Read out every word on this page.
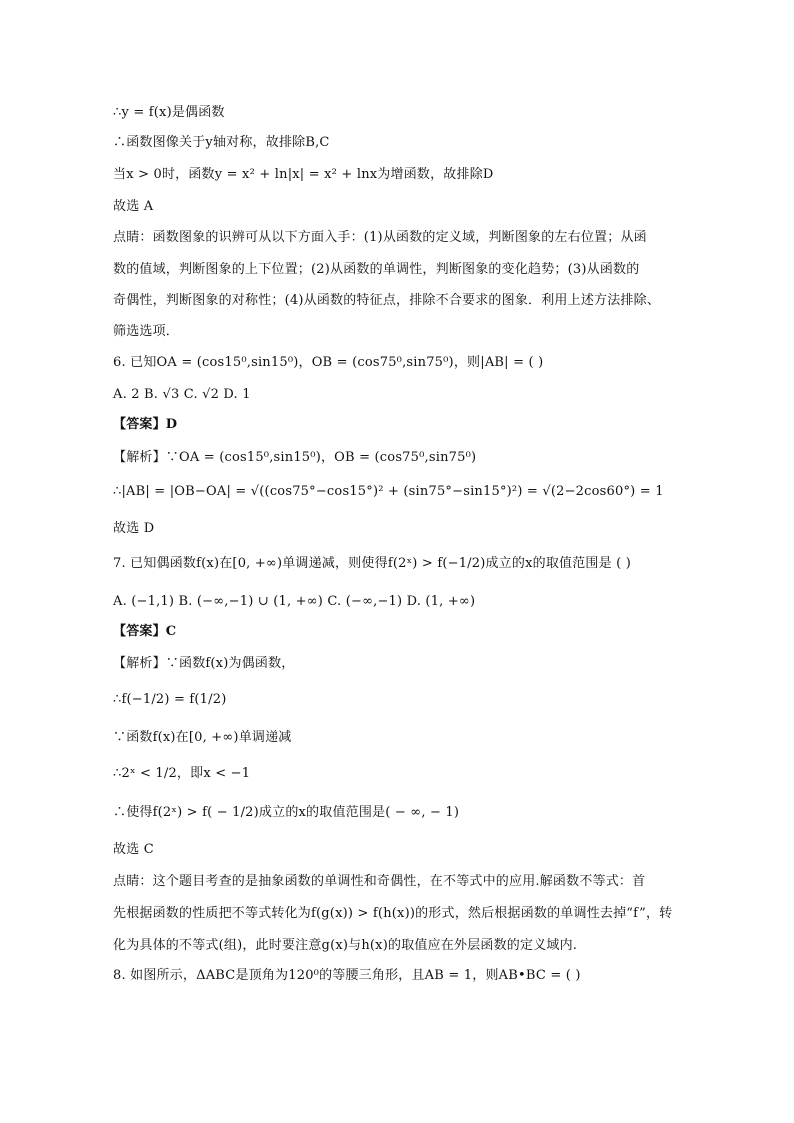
∴y = f(x)是偶函数
∴函数图像关于y轴对称，故排除B,C
当x > 0时，函数y = x² + ln|x| = x² + lnx为增函数，故排除D
故选 A
点睛：函数图象的识辨可从以下方面入手：(1)从函数的定义域，判断图象的左右位置；从函
数的值域，判断图象的上下位置；(2)从函数的单调性，判断图象的变化趋势；(3)从函数的
奇偶性，判断图象的对称性；(4)从函数的特征点，排除不合要求的图象．利用上述方法排除、
筛选选项．
6. 已知OA = (cos15⁰,sin15⁰)，OB = (cos75⁰,sin75⁰)，则|AB| = ( )
A. 2 B. √3 C. √2 D. 1
【答案】D
【解析】∵OA = (cos15⁰,sin15⁰)，OB = (cos75⁰,sin75⁰)
∴|AB| = |OB−OA| = √((cos75°−cos15°)² + (sin75°−sin15°)²) = √(2−2cos60°) = 1
故选 D
7. 已知偶函数f(x)在[0, +∞)单调递减，则使得f(2ˣ) > f(−1/2)成立的x的取值范围是 ( )
A. (−1,1) B. (−∞,−1) ∪ (1, +∞) C. (−∞,−1) D. (1, +∞)
【答案】C
【解析】∵函数f(x)为偶函数，
∴f(−1/2) = f(1/2)
∵函数f(x)在[0, +∞)单调递减
∴2ˣ < 1/2，即x < −1
∴使得f(2ˣ) > f( − 1/2)成立的x的取值范围是( − ∞, − 1)
故选 C
点睛：这个题目考查的是抽象函数的单调性和奇偶性，在不等式中的应用.解函数不等式：首
先根据函数的性质把不等式转化为f(g(x)) > f(h(x))的形式，然后根据函数的单调性去掉“f”，转
化为具体的不等式(组)，此时要注意g(x)与h(x)的取值应在外层函数的定义域内.
8. 如图所示，ΔABC是顶角为120⁰的等腰三角形，且AB = 1，则AB•BC = ( )
